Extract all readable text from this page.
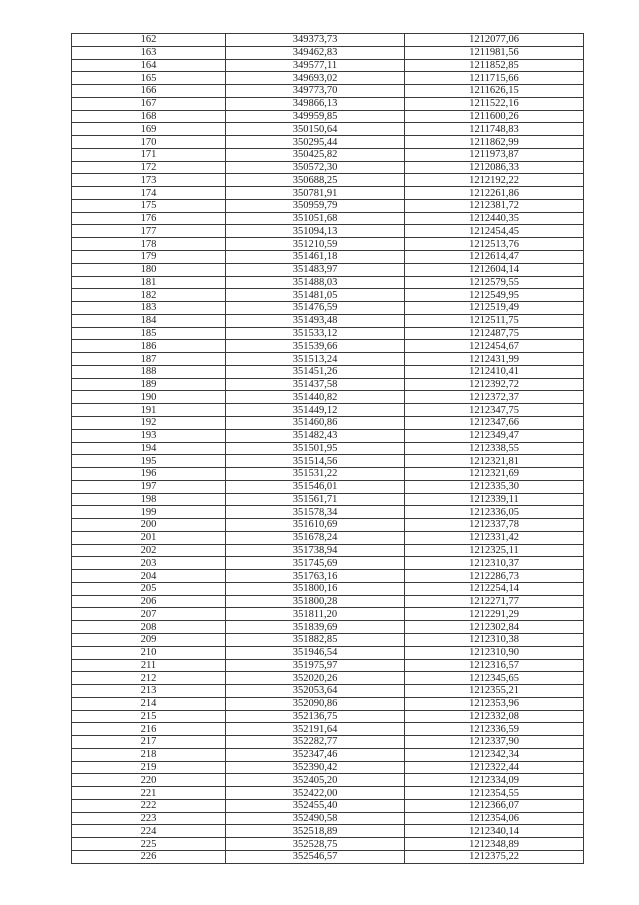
162	349373,73	1212077,06
163	349462,83	1211981,56
164	349577,11	1211852,85
165	349693,02	1211715,66
166	349773,70	1211626,15
167	349866,13	1211522,16
168	349959,85	1211600,26
169	350150,64	1211748,83
170	350295,44	1211862,99
171	350425,82	1211973,87
172	350572,30	1212086,33
173	350688,25	1212192,22
174	350781,91	1212261,86
175	350959,79	1212381,72
176	351051,68	1212440,35
177	351094,13	1212454,45
178	351210,59	1212513,76
179	351461,18	1212614,47
180	351483,97	1212604,14
181	351488,03	1212579,55
182	351481,05	1212549,95
183	351476,59	1212519,49
184	351493,48	1212511,75
185	351533,12	1212487,75
186	351539,66	1212454,67
187	351513,24	1212431,99
188	351451,26	1212410,41
189	351437,58	1212392,72
190	351440,82	1212372,37
191	351449,12	1212347,75
192	351460,86	1212347,66
193	351482,43	1212349,47
194	351501,95	1212338,55
195	351514,56	1212321,81
196	351531,22	1212321,69
197	351546,01	1212335,30
198	351561,71	1212339,11
199	351578,34	1212336,05
200	351610,69	1212337,78
201	351678,24	1212331,42
202	351738,94	1212325,11
203	351745,69	1212310,37
204	351763,16	1212286,73
205	351800,16	1212254,14
206	351800,28	1212271,77
207	351811,20	1212291,29
208	351839,69	1212302,84
209	351882,85	1212310,38
210	351946,54	1212310,90
211	351975,97	1212316,57
212	352020,26	1212345,65
213	352053,64	1212355,21
214	352090,86	1212353,96
215	352136,75	1212332,08
216	352191,64	1212336,59
217	352282,77	1212337,90
218	352347,46	1212342,34
219	352390,42	1212322,44
220	352405,20	1212334,09
221	352422,00	1212354,55
222	352455,40	1212366,07
223	352490,58	1212354,06
224	352518,89	1212340,14
225	352528,75	1212348,89
226	352546,57	1212375,22
